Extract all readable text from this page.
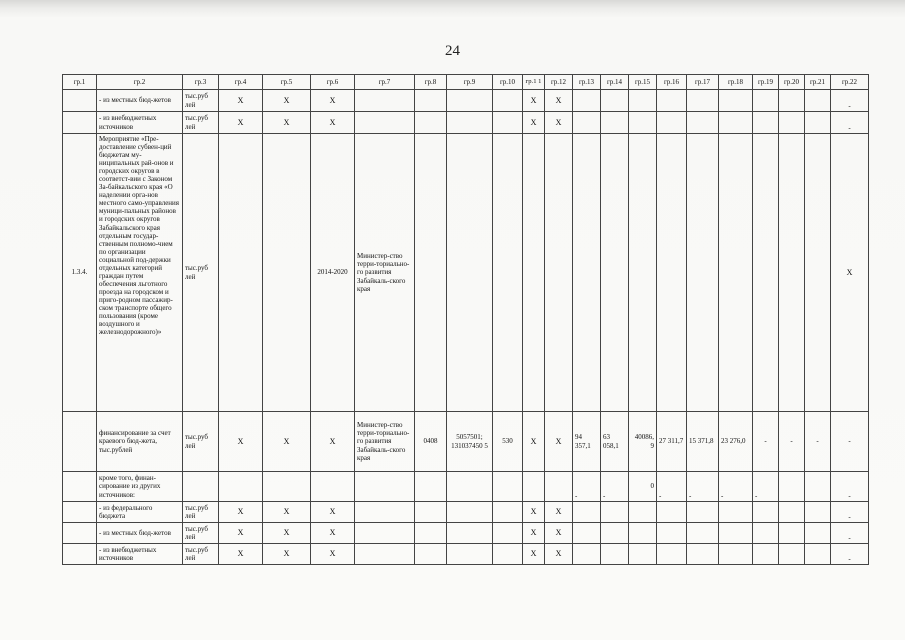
24
гр.1	гр.2	гр.3	гр.4	гр.5	гр.6	гр.7	гр.8	гр.9	гр.10	гр.1 1	гр.12	гр.13	гр.14	гр.15	гр.16	гр.17	гр.18	гр.19	гр.20	гр.21	гр.22
	- из местных бюд-жетов	тыс.руб лей	X	X	X					X	X										-
	- из внебюджетных источников	тыс.руб лей	X	X	X					X	X										-
1.3.4.	Мероприятие «Пре-доставление субвен-ций бюджетам му-ниципальных рай-онов и городских округов в соответст-вии с Законом За-байкальского края «О наделении орга-нов местного само-управления муници-пальных районов и городских округов Забайкальского края отдельным государ-ственным полномо-чием по организации социальной под-держки отдельных категорий граждан путем обеспечения льготного проезда на городском и приго-родном пассажир-ском транспорте общего пользования (кроме воздушного и железнодорожного)»	тыс.руб лей			2014-2020	Министер-ство терри-ториально-го развития Забайкаль-ского края															X
	финансирование за счет краевого бюд-жета, тыс.рублей	тыс.руб лей	X	X	X	Министер-ство терри-ториально-го развития Забайкаль-ского края	0408	5057501; 131037450 5	530	X	X	94 357,1	63 058,1	40086, 9	27 311,7	15 371,8	23 276,0	-	-	-	-
	кроме того, финан-сирование из других источников:											-	-	0	-	-	-	-			-
	- из федерального бюджета	тыс.руб лей	X	X	X					X	X										-
	- из местных бюд-жетов	тыс.руб лей	X	X	X					X	X										-
	- из внебюджетных источников	тыс.руб лей	X	X	X					X	X										-
